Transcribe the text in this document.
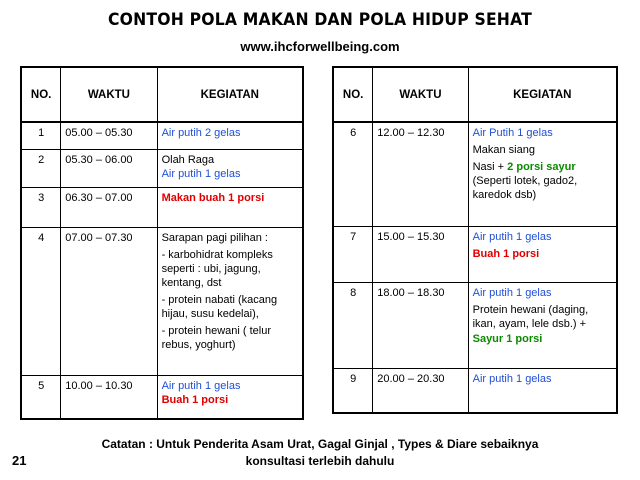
CONTOH POLA MAKAN DAN POLA HIDUP SEHAT
www.ihcforwellbeing.com
NO.	WAKTU	KEGIATAN

1	05.00 – 05.30	Air putih 2 gelas

2	05.30 – 06.00	Olah Raga
Air putih 1 gelas

3	06.30 – 07.00	Makan buah 1 porsi

4	07.00 – 07.30	Sarapan pagi pilihan :
- karbohidrat kompleks seperti : ubi, jagung, kentang, dst
- protein nabati (kacang hijau, susu kedelai),
- protein hewani ( telur rebus, yoghurt)

5	10.00 – 10.30	Air putih 1 gelas
Buah 1 porsi
NO.	WAKTU	KEGIATAN

6	12.00 – 12.30	Air Putih 1 gelas
Makan siang
Nasi + 2 porsi sayur
(Seperti lotek, gado2, karedok dsb)

7	15.00 – 15.30	Air putih 1 gelas
Buah 1 porsi

8	18.00 – 18.30	Air putih 1 gelas
Protein hewani (daging, ikan, ayam, lele dsb.) +
Sayur 1 porsi

9	20.00 – 20.30	Air putih 1 gelas
Catatan : Untuk Penderita Asam Urat, Gagal Ginjal , Types & Diare sebaiknya
konsultasi terlebih dahulu
21
